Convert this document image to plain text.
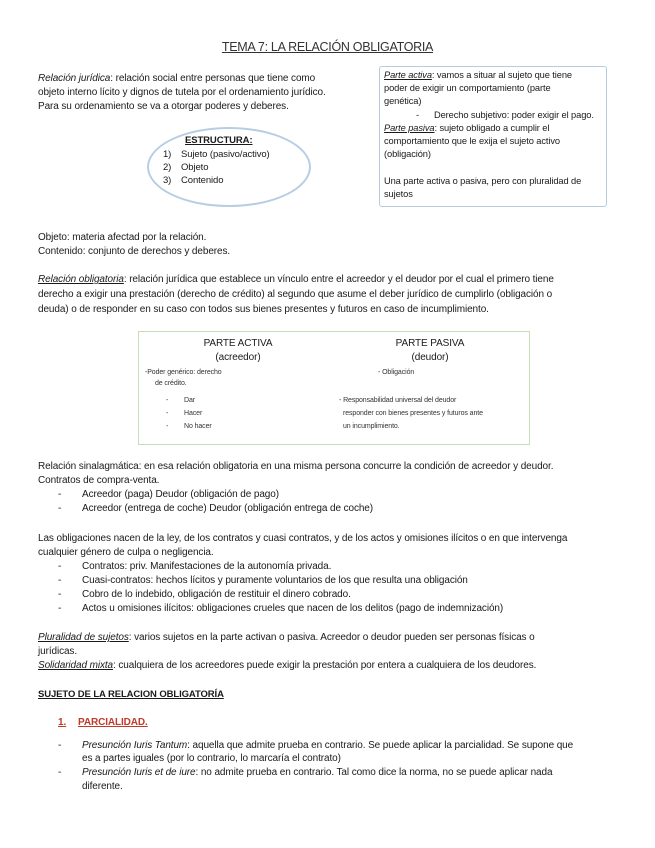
TEMA 7: LA RELACIÓN OBLIGATORIA
Relación jurídica: relación social entre personas que tiene como
objeto interno lícito y dignos de tutela por el ordenamiento jurídico.
Para su ordenamiento se va a otorgar poderes y deberes.
Parte activa: vamos a situar al sujeto que tiene
poder de exigir un comportamiento (parte
genética)
- Derecho subjetivo: poder exigir el pago.
Parte pasiva: sujeto obligado a cumplir el
comportamiento que le exija el sujeto activo
(obligación)
Una parte activa o pasiva, pero con pluralidad de
sujetos
ESTRUCTURA:
1) Sujeto (pasivo/activo)
2) Objeto
3) Contenido
Objeto: materia afectad por la relación.
Contenido: conjunto de derechos y deberes.
Relación obligatoria: relación jurídica que establece un vínculo entre el acreedor y el deudor por el cual el primero tiene
derecho a exigir una prestación (derecho de crédito) al segundo que asume el deber jurídico de cumplirlo (obligación o
deuda) o de responder en su caso con todos sus bienes presentes y futuros en caso de incumplimiento.
PARTE ACTIVA
(acreedor)
PARTE PASIVA
(deudor)
-Poder genérico: derecho
de crédito.
- Dar
- Hacer
- No hacer
- Obligación
- Responsabilidad universal del deudor
responder con bienes presentes y futuros ante
un incumplimiento.
Relación sinalagmática: en esa relación obligatoria en una misma persona concurre la condición de acreedor y deudor.
Contratos de compra-venta.
- Acreedor (paga) Deudor (obligación de pago)
- Acreedor (entrega de coche) Deudor (obligación entrega de coche)
Las obligaciones nacen de la ley, de los contratos y cuasi contratos, y de los actos y omisiones ilícitos o en que intervenga
cualquier género de culpa o negligencia.
- Contratos: priv. Manifestaciones de la autonomía privada.
- Cuasi-contratos: hechos lícitos y puramente voluntarios de los que resulta una obligación
- Cobro de lo indebido, obligación de restituir el dinero cobrado.
- Actos u omisiones ilícitos: obligaciones crueles que nacen de los delitos (pago de indemnización)
Pluralidad de sujetos: varios sujetos en la parte activan o pasiva. Acreedor o deudor pueden ser personas físicas o
jurídicas.
Solidaridad mixta: cualquiera de los acreedores puede exigir la prestación por entera a cualquiera de los deudores.
SUJETO DE LA RELACION OBLIGATORÍA
1. PARCIALIDAD.
- Presunción Iuris Tantum: aquella que admite prueba en contrario. Se puede aplicar la parcialidad. Se supone que
es a partes iguales (por lo contrario, lo marcaría el contrato)
- Presunción Iuris et de iure: no admite prueba en contrario. Tal como dice la norma, no se puede aplicar nada
diferente.
